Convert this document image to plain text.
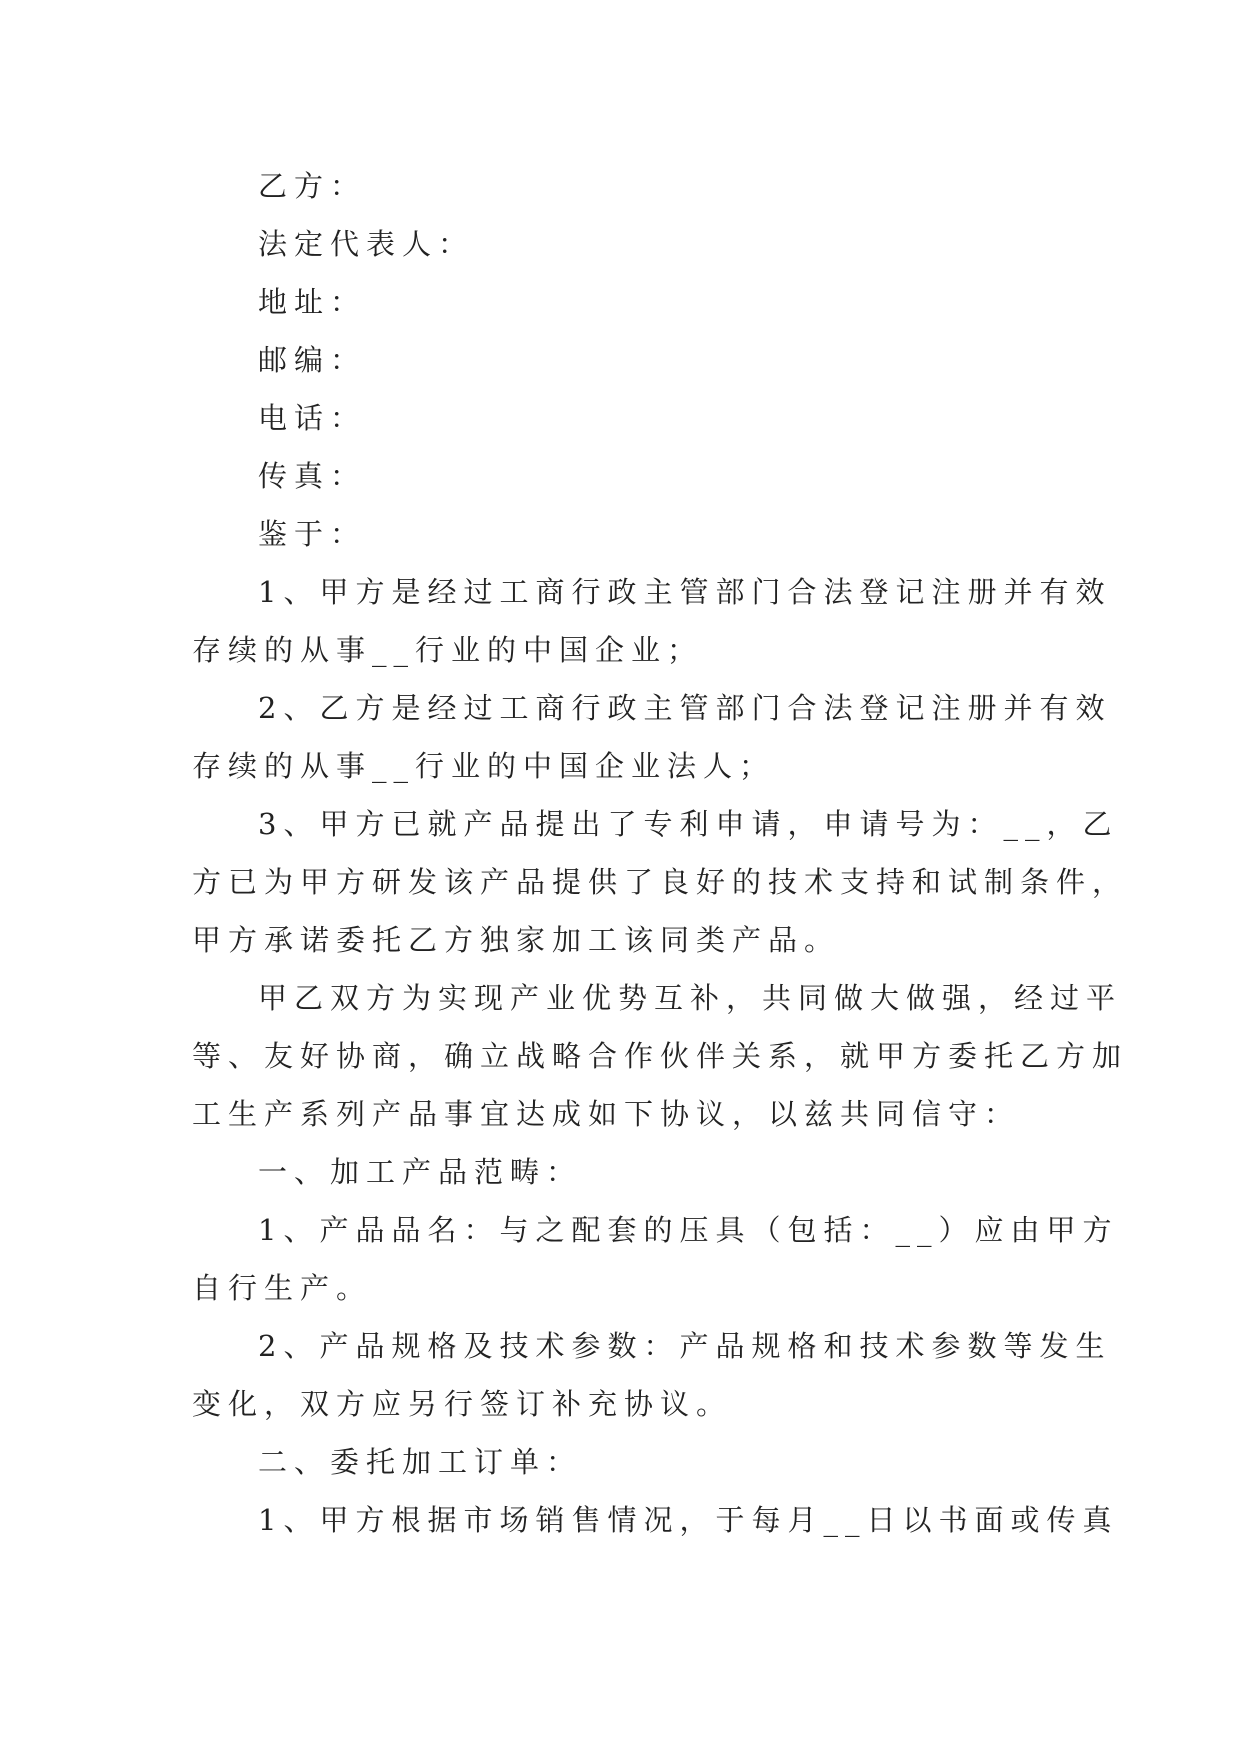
乙方：
法定代表人：
地址：
邮编：
电话：
传真：
鉴于：
1、甲方是经过工商行政主管部门合法登记注册并有效
存续的从事__行业的中国企业；
2、乙方是经过工商行政主管部门合法登记注册并有效
存续的从事__行业的中国企业法人；
3、甲方已就产品提出了专利申请，申请号为：__，乙
方已为甲方研发该产品提供了良好的技术支持和试制条件，
甲方承诺委托乙方独家加工该同类产品。
甲乙双方为实现产业优势互补，共同做大做强，经过平
等、友好协商，确立战略合作伙伴关系，就甲方委托乙方加
工生产系列产品事宜达成如下协议，以兹共同信守：
一、加工产品范畴：
1、产品品名：与之配套的压具（包括：__）应由甲方
自行生产。
2、产品规格及技术参数：产品规格和技术参数等发生
变化，双方应另行签订补充协议。
二、委托加工订单：
1、甲方根据市场销售情况，于每月__日以书面或传真
